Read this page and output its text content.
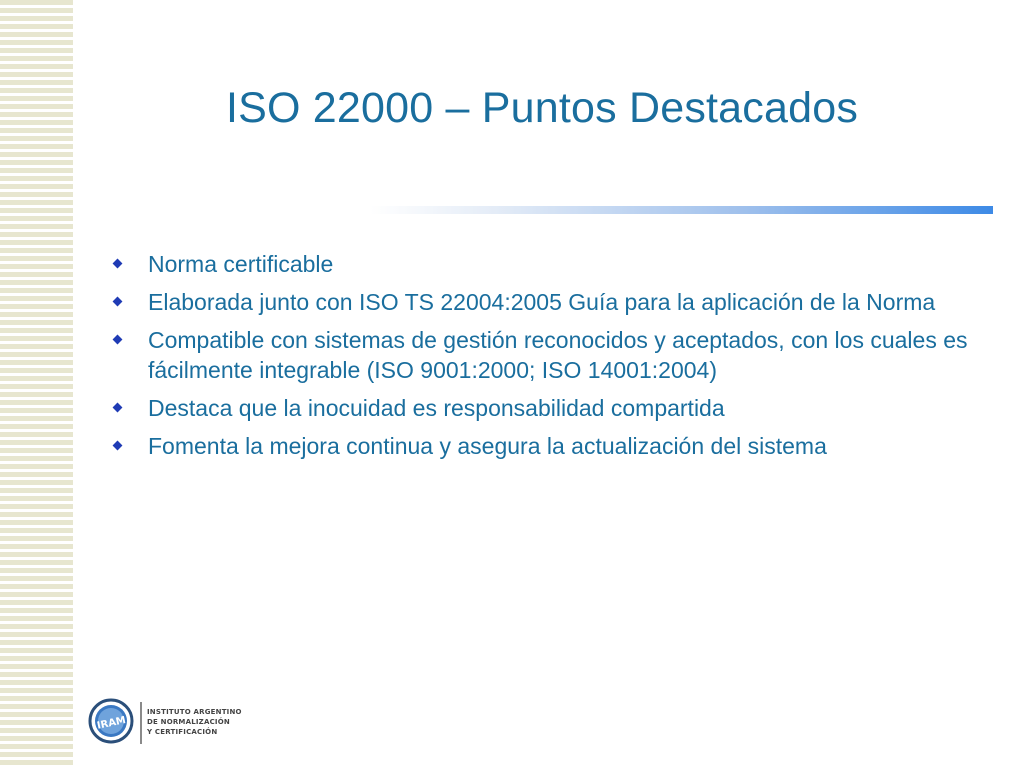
ISO 22000 – Puntos Destacados
Norma certificable
Elaborada junto con ISO TS 22004:2005 Guía para la aplicación de la Norma
Compatible con sistemas de gestión reconocidos y aceptados, con los cuales es fácilmente integrable (ISO 9001:2000; ISO 14001:2004)
Destaca que la inocuidad es responsabilidad compartida
Fomenta la mejora continua y asegura la actualización del sistema
IRAM
INSTITUTO ARGENTINO
DE NORMALIZACIÓN
Y CERTIFICACIÓN
